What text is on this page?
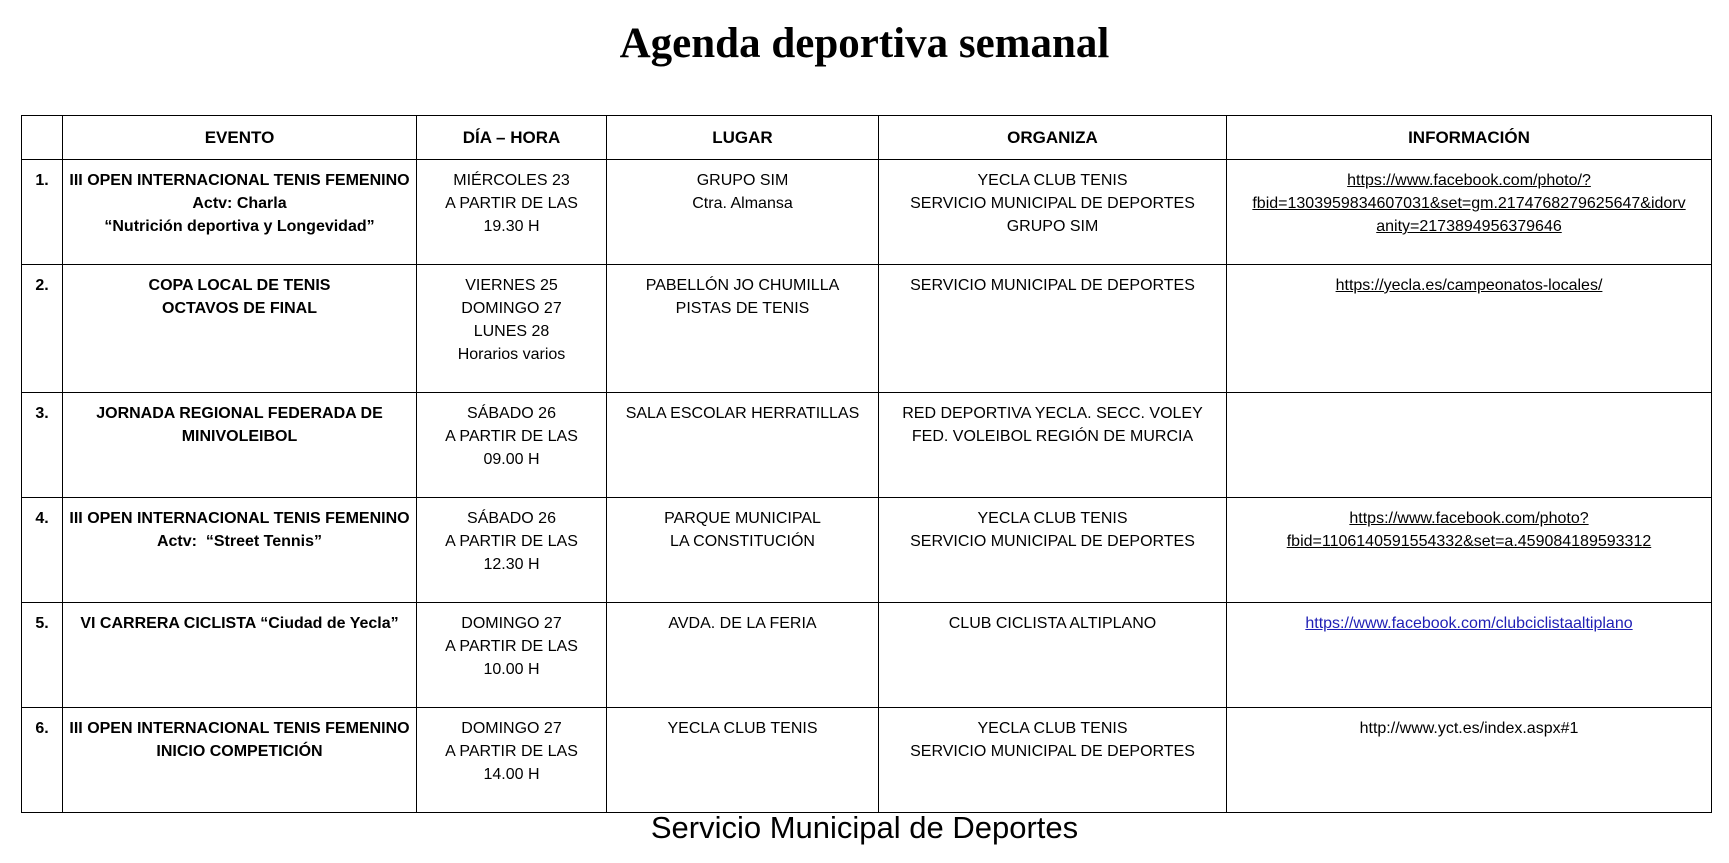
Agenda deportiva semanal
	EVENTO	DÍA – HORA	LUGAR	ORGANIZA	INFORMACIÓN
1.	III OPEN INTERNACIONAL TENIS FEMENINO
Actv: Charla
“Nutrición deportiva y Longevidad”	MIÉRCOLES 23
A PARTIR DE LAS
19.30 H	GRUPO SIM
Ctra. Almansa	YECLA CLUB TENIS
SERVICIO MUNICIPAL DE DEPORTES
GRUPO SIM	https://www.facebook.com/photo/?
fbid=1303959834607031&set=gm.2174768279625647&idorv
anity=2173894956379646

2.	COPA LOCAL DE TENIS
OCTAVOS DE FINAL	VIERNES 25
DOMINGO 27
LUNES 28
Horarios varios	PABELLÓN JO CHUMILLA
PISTAS DE TENIS	SERVICIO MUNICIPAL DE DEPORTES	https://yecla.es/campeonatos-locales/

3.	JORNADA REGIONAL FEDERADA DE
MINIVOLEIBOL	SÁBADO 26
A PARTIR DE LAS
09.00 H	SALA ESCOLAR HERRATILLAS	RED DEPORTIVA YECLA. SECC. VOLEY
FED. VOLEIBOL REGIÓN DE MURCIA	

4.	III OPEN INTERNACIONAL TENIS FEMENINO
Actv:  “Street Tennis”	SÁBADO 26
A PARTIR DE LAS
12.30 H	PARQUE MUNICIPAL
LA CONSTITUCIÓN	YECLA CLUB TENIS
SERVICIO MUNICIPAL DE DEPORTES	https://www.facebook.com/photo?
fbid=1106140591554332&set=a.459084189593312

5.	VI CARRERA CICLISTA “Ciudad de Yecla”	DOMINGO 27
A PARTIR DE LAS
10.00 H	AVDA. DE LA FERIA	CLUB CICLISTA ALTIPLANO	https://www.facebook.com/clubciclistaaltiplano

6.	III OPEN INTERNACIONAL TENIS FEMENINO
INICIO COMPETICIÓN	DOMINGO 27
A PARTIR DE LAS
14.00 H	YECLA CLUB TENIS	YECLA CLUB TENIS
SERVICIO MUNICIPAL DE DEPORTES	http://www.yct.es/index.aspx#1
Servicio Municipal de Deportes
